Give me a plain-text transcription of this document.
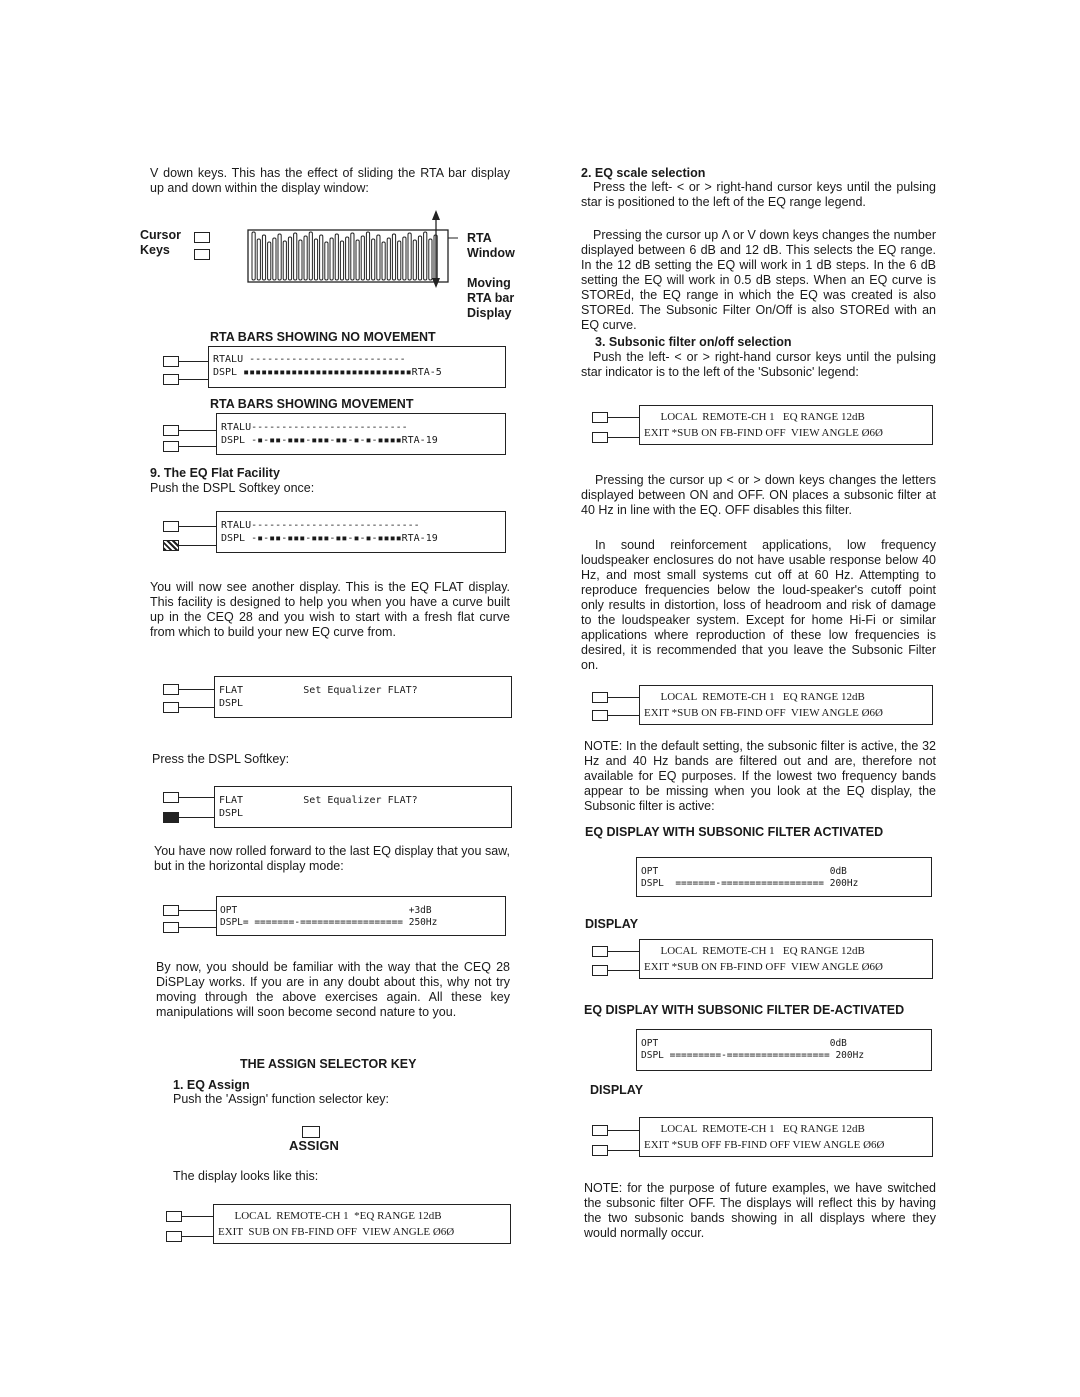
V down keys. This has the effect of sliding the RTA bar display up and down within the display window:

Cursor Keys
RTA Window
Moving RTA bar Display
RTA BARS SHOWING NO MOVEMENT
RTALU --------------------------
DSPL ▪▪▪▪▪▪▪▪▪▪▪▪▪▪▪▪▪▪▪▪▪▪▪▪▪▪▪▪RTA-5
RTA BARS SHOWING MOVEMENT
RTALU--------------------------
DSPL -▪-▪▪-▪▪▪-▪▪▪-▪▪-▪-▪-▪▪▪▪RTA-19
9. The EQ Flat Facility
Push the DSPL Softkey once:
RTALU----------------------------
DSPL -▪-▪▪-▪▪▪-▪▪▪-▪▪-▪-▪-▪▪▪▪RTA-19

You will now see another display. This is the EQ FLAT display. This facility is designed to help you when you have a curve built up in the CEQ 28 and you wish to start with a fresh flat curve from which to build your new EQ curve from.

FLAT          Set Equalizer FLAT?
DSPL
Press the DSPL Softkey:
FLAT          Set Equalizer FLAT?
DSPL

You have now rolled forward to the last EQ display that you saw, but in the horizontal display mode:

OPT                              +3dB
DSPL= =======-================== 250Hz

By now, you should be familiar with the way that the CEQ 28 DiSPLay works. If you are in any doubt about this, why not try moving through the above exercises again. All these key manipulations will soon become second nature to you.

THE ASSIGN SELECTOR KEY
1. EQ Assign
Push the 'Assign' function selector key:
ASSIGN
The display looks like this:
LOCAL  REMOTE-CH 1  *EQ RANGE 12dB
EXIT  SUB ON FB-FIND OFF  VIEW ANGLE Ø6Ø
2. EQ scale selection

Press the left- < or > right-hand cursor keys until the pulsing star is positioned to the left of the EQ range legend.

Pressing the cursor up Λ or V down keys changes the number displayed between 6 dB and 12 dB. This selects the EQ range. In the 12 dB setting the EQ will work in 1 dB steps. In the 6 dB setting the EQ will work in 0.5 dB steps. When an EQ curve is STOREd, the EQ range in which the EQ was created is also STOREd. The Subsonic Filter On/Off is also STOREd with an EQ curve.

3. Subsonic filter on/off selection

Push the left- < or > right-hand cursor keys until the pulsing star indicator is to the left of the 'Subsonic' legend:

LOCAL  REMOTE-CH 1   EQ RANGE 12dB
EXIT *SUB ON FB-FIND OFF  VIEW ANGLE Ø6Ø

Pressing the cursor up < or > down keys changes the letters displayed between ON and OFF. ON places a subsonic filter at 40 Hz in line with the EQ. OFF disables this filter.

In sound reinforcement applications, low frequency loudspeaker enclosures do not have usable response below 40 Hz, and most small systems cut off at 60 Hz. Attempting to reproduce frequencies below the loud-speaker's cutoff point only results in distortion, loss of headroom and risk of damage to the loudspeaker system. Except for home Hi-Fi or similar applications where reproduction of these low frequencies is desired, it is recommended that you leave the Subsonic Filter on.

LOCAL  REMOTE-CH 1   EQ RANGE 12dB
EXIT *SUB ON FB-FIND OFF  VIEW ANGLE Ø6Ø

NOTE: In the default setting, the subsonic filter is active, the 32 Hz and 40 Hz bands are filtered out and are, therefore not available for EQ purposes. If the lowest two frequency bands appear to be missing when you look at the EQ display, the Subsonic filter is active:

EQ DISPLAY WITH SUBSONIC FILTER ACTIVATED
OPT                              0dB
DSPL  =======-================== 200Hz
DISPLAY
LOCAL  REMOTE-CH 1   EQ RANGE 12dB
EXIT *SUB ON FB-FIND OFF  VIEW ANGLE Ø6Ø
EQ DISPLAY WITH SUBSONIC FILTER DE-ACTIVATED
OPT                              0dB
DSPL =========-================== 200Hz
DISPLAY
LOCAL  REMOTE-CH 1   EQ RANGE 12dB
EXIT *SUB OFF FB-FIND OFF VIEW ANGLE Ø6Ø

NOTE: for the purpose of future examples, we have switched the subsonic filter OFF. The displays will reflect this by having the two subsonic bands showing in all displays where they would normally occur.
